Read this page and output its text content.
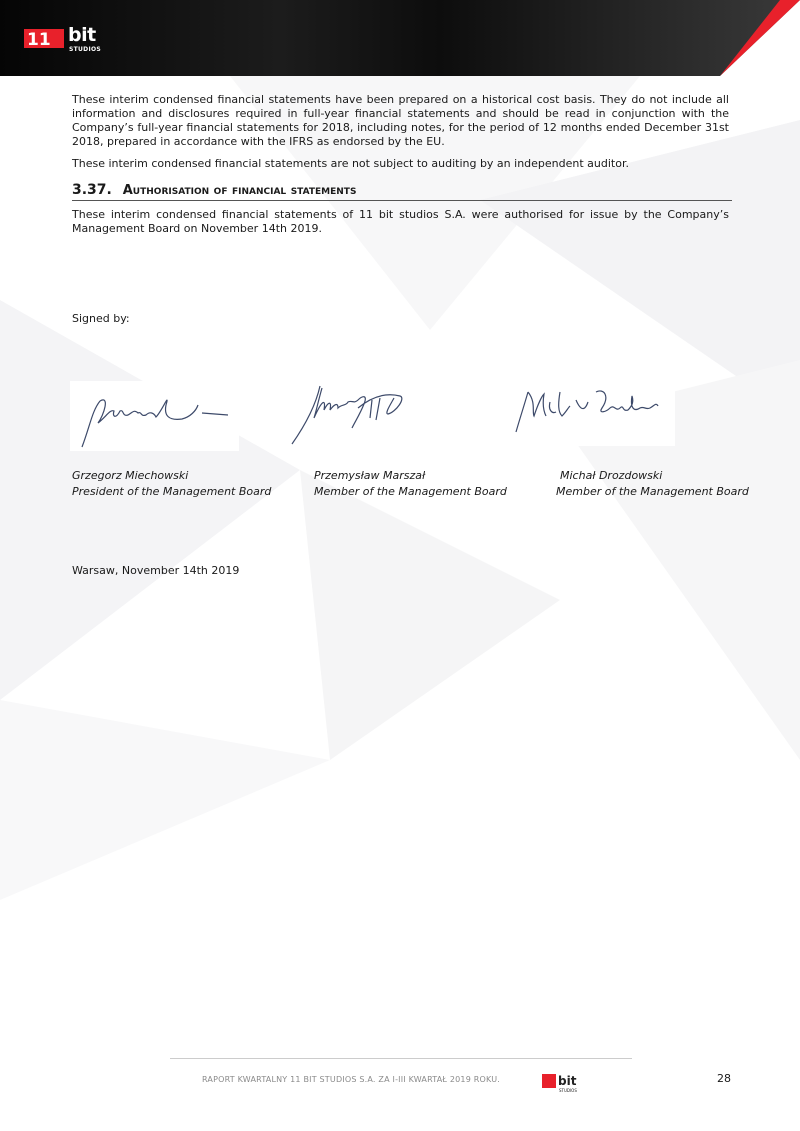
11 bit
STUDIOS

These interim condensed financial statements have been prepared on a historical cost basis. They do not include all information and disclosures required in full-year financial statements and should be read in conjunction with the Company’s full-year financial statements for 2018, including notes, for the period of 12 months ended December 31st 2018, prepared in accordance with the IFRS as endorsed by the EU.

These interim condensed financial statements are not subject to auditing by an independent auditor.

3.37. Authorisation of financial statements

These interim condensed financial statements of 11 bit studios S.A. were authorised for issue by the Company’s Management Board on November 14th 2019.

Signed by:

Grzegorz Miechowski
President of the Management Board
Przemysław Marszał
Member of the Management Board
Michał Drozdowski
Member of the Management Board

Warsaw, November 14th 2019

RAPORT KWARTALNY 11 BIT STUDIOS S.A. ZA I-III KWARTAŁ 2019 ROKU.	bit
STUDIOS
28
